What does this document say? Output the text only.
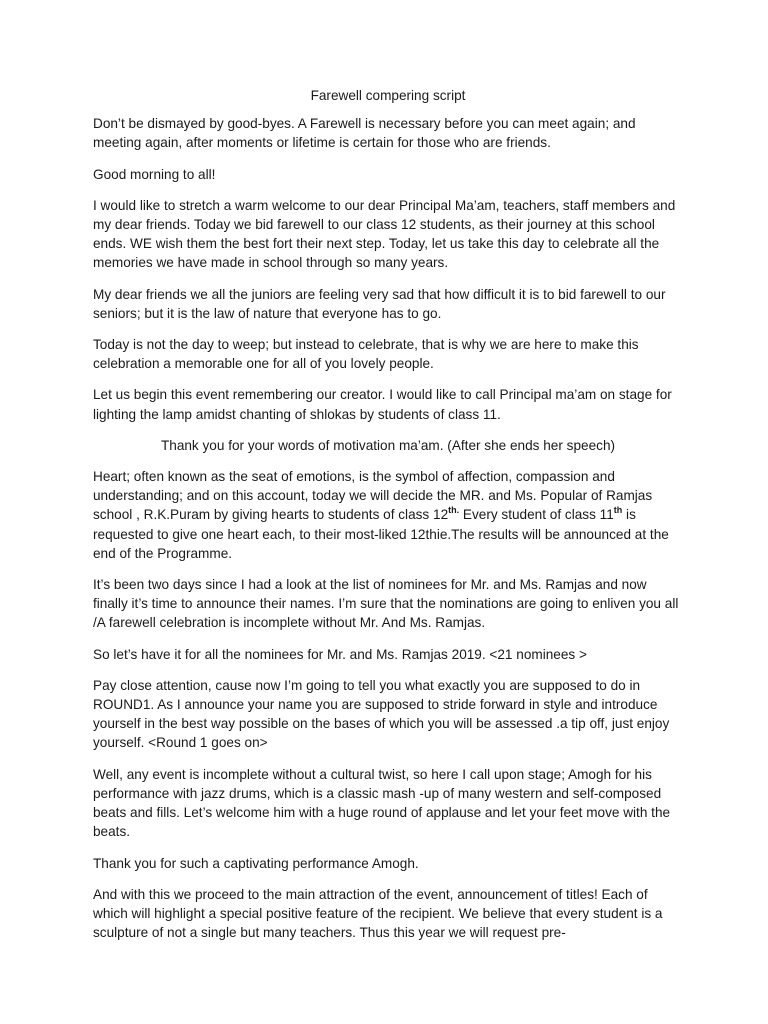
Farewell compering script

Don’t be dismayed by good-byes. A Farewell is necessary before you can meet again; and meeting again, after moments or lifetime is certain for those who are friends.

Good morning to all!

I would like to stretch a warm welcome to our dear Principal Ma’am, teachers, staff members and my dear friends. Today we bid farewell to our class 12 students, as their journey at this school ends. WE wish them the best fort their next step. Today, let us take this day to celebrate all the memories we have made in school through so many years.

My dear friends we all the juniors are feeling very sad that how difficult it is to bid farewell to our seniors; but it is the law of nature that everyone has to go.

Today is not the day to weep; but instead to celebrate, that is why we are here to make this celebration a memorable one for all of you lovely people.

Let us begin this event remembering our creator. I would like to call Principal ma’am on stage for lighting the lamp amidst chanting of shlokas by students of class 11.

Thank you for your words of motivation ma’am. (After she ends her speech)

Heart; often known as the seat of emotions, is the symbol of affection, compassion and understanding; and on this account, today we will decide the MR. and Ms. Popular of Ramjas school , R.K.Puram by giving hearts to students of class $12^{th.}$ Every student of class 11th is requested to give one heart each, to their most-liked 12thie.The results will be announced at the end of the Programme.

It’s been two days since I had a look at the list of nominees for Mr. and Ms. Ramjas and now finally it’s time to announce their names. I’m sure that the nominations are going to enliven you all /A farewell celebration is incomplete without Mr. And Ms. Ramjas.

So let’s have it for all the nominees for Mr. and Ms. Ramjas 2019. <21 nominees >

Pay close attention, cause now I’m going to tell you what exactly you are supposed to do in ROUND1. As I announce your name you are supposed to stride forward in style and introduce yourself in the best way possible on the bases of which you will be assessed .a tip off, just enjoy yourself. <Round 1 goes on>

Well, any event is incomplete without a cultural twist, so here I call upon stage; Amogh for his performance with jazz drums, which is a classic mash -up of many western and self-composed beats and fills. Let’s welcome him with a huge round of applause and let your feet move with the beats.

Thank you for such a captivating performance Amogh.

And with this we proceed to the main attraction of the event, announcement of titles! Each of which will highlight a special positive feature of the recipient. We believe that every student is a sculpture of not a single but many teachers. Thus this year we will request pre-
